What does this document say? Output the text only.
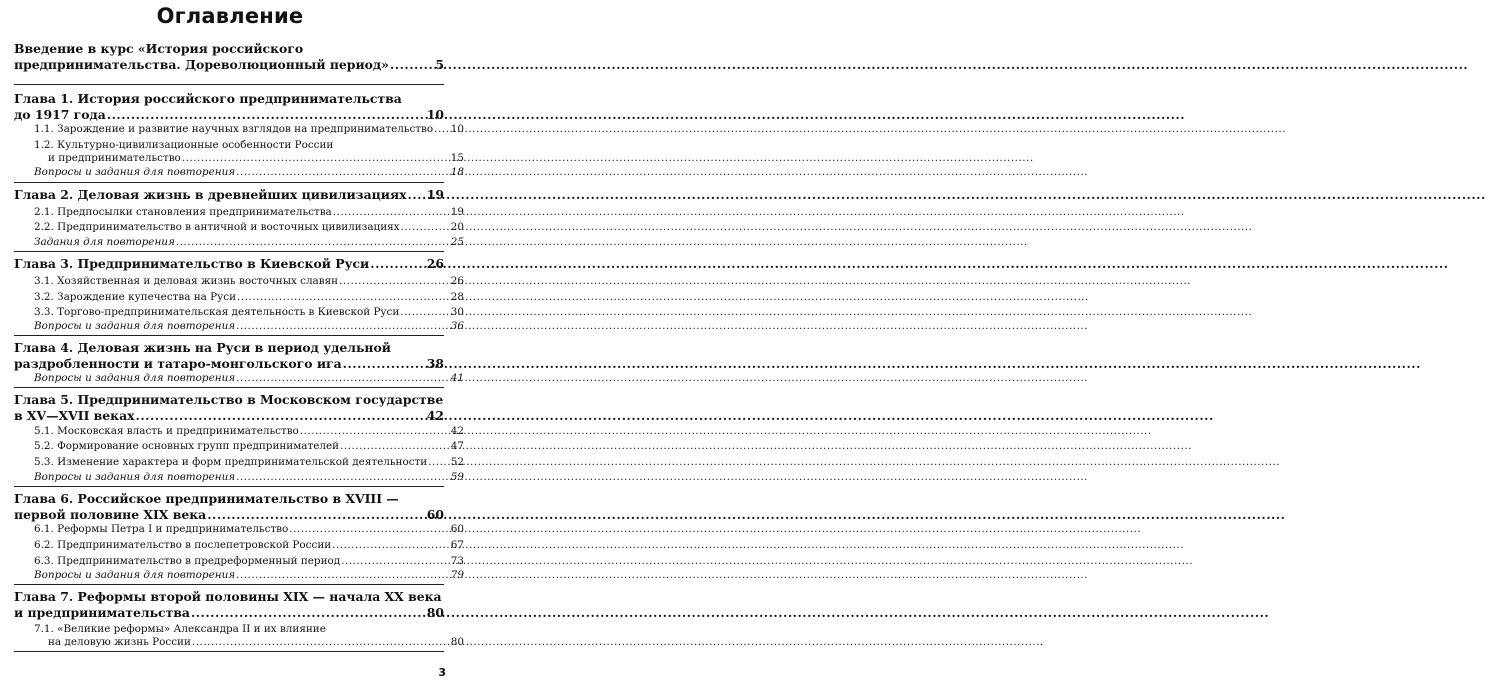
Оглавление
Введение в курс «История российского
предпринимательства. Дореволюционный период» .....	5
Глава 1. История российского предпринимательства
до 1917 года .....	10
1.1. Зарождение и развитие научных взглядов на предпринимательство ..... 10
1.2. Культурно-цивилизационные особенности России
и предпринимательство .....	15
Вопросы и задания для повторения .....	18
Глава 2. Деловая жизнь в древнейших цивилизациях ..... 19
2.1. Предпосылки становления предпринимательства .....	19
2.2. Предпринимательство в античной и восточных цивилизациях .....	20
Задания для повторения .....	25
Глава 3. Предпринимательство в Киевской Руси .....	26
3.1. Хозяйственная и деловая жизнь восточных славян .....	26
3.2. Зарождение купечества на Руси .....	28
3.3. Торгово-предпринимательская деятельность в Киевской Руси .....	30
Вопросы и задания для повторения .....	36
Глава 4. Деловая жизнь на Руси в период удельной
раздробленности и татаро-монгольского ига .....	38
Вопросы и задания для повторения .....	41
Глава 5. Предпринимательство в Московском государстве
в XV—XVII веках .....	42
5.1. Московская власть и предпринимательство .....	42
5.2. Формирование основных групп предпринимателей .....	47
5.3. Изменение характера и форм предпринимательской деятельности ..... 52
Вопросы и задания для повторения .....	59
Глава 6. Российское предпринимательство в XVIII —
первой половине XIX века .....	60
6.1. Реформы Петра I и предпринимательство .....	60
6.2. Предпринимательство в послепетровской России .....	67
6.3. Предпринимательство в предреформенный период .....	73
Вопросы и задания для повторения .....	79
Глава 7. Реформы второй половины XIX — начала XX века
и предпринимательства .....	80
7.1. «Великие реформы» Александра II и их влияние
на деловую жизнь России .....	80
3
